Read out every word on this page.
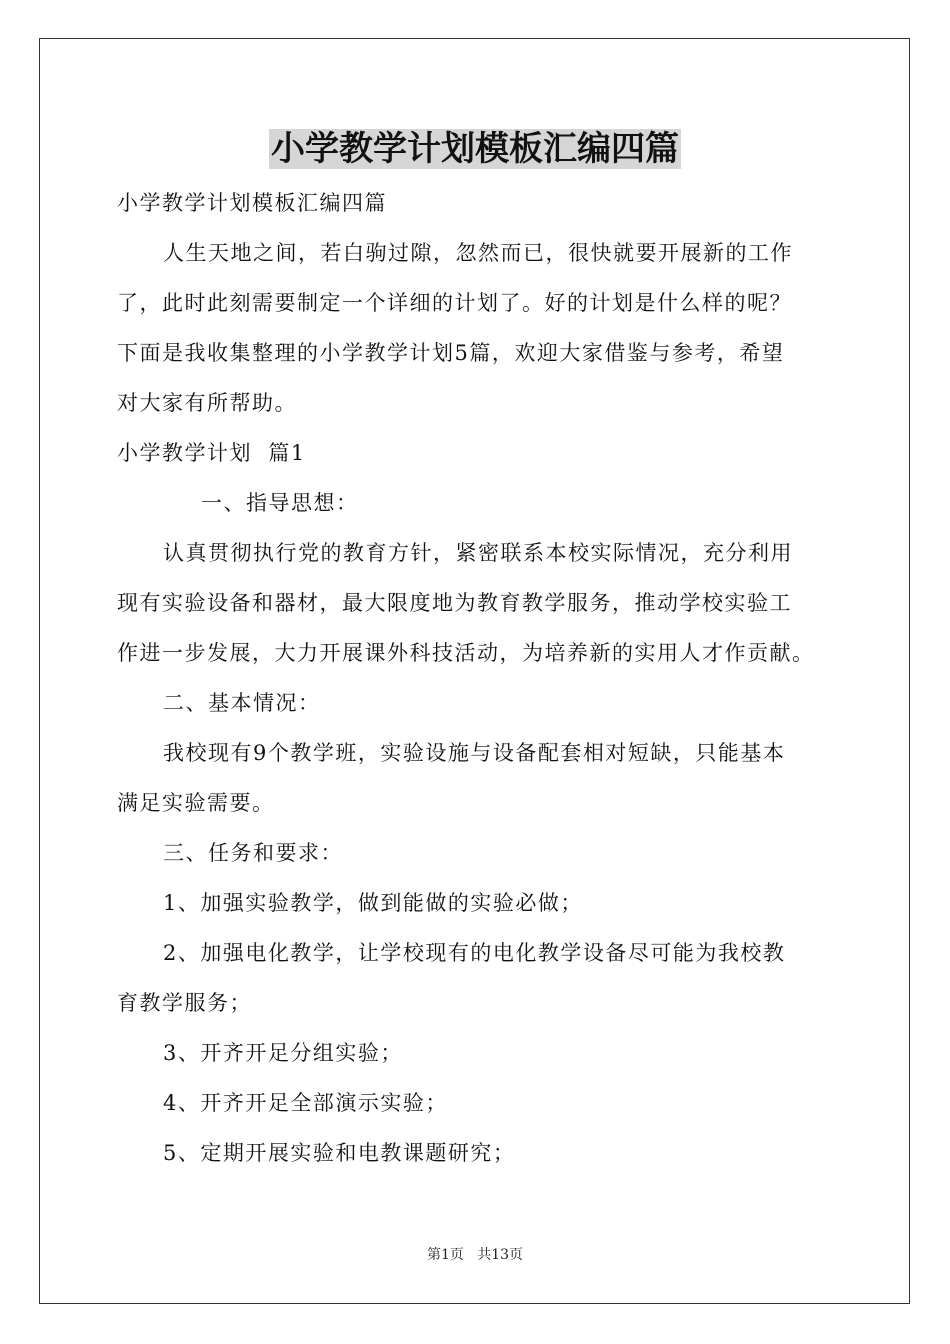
小学教学计划模板汇编四篇
小学教学计划模板汇编四篇
人生天地之间，若白驹过隙，忽然而已，很快就要开展新的工作
了，此时此刻需要制定一个详细的计划了。好的计划是什么样的呢？
下面是我收集整理的小学教学计划5篇，欢迎大家借鉴与参考，希望
对大家有所帮助。
小学教学计划  篇1
一、指导思想：
认真贯彻执行党的教育方针，紧密联系本校实际情况，充分利用
现有实验设备和器材，最大限度地为教育教学服务，推动学校实验工
作进一步发展，大力开展课外科技活动，为培养新的实用人才作贡献。
二、基本情况：
我校现有9个教学班，实验设施与设备配套相对短缺，只能基本
满足实验需要。
三、任务和要求：
1、加强实验教学，做到能做的实验必做；
2、加强电化教学，让学校现有的电化教学设备尽可能为我校教
育教学服务；
3、开齐开足分组实验；
4、开齐开足全部演示实验；
5、定期开展实验和电教课题研究；
第1页   共13页
